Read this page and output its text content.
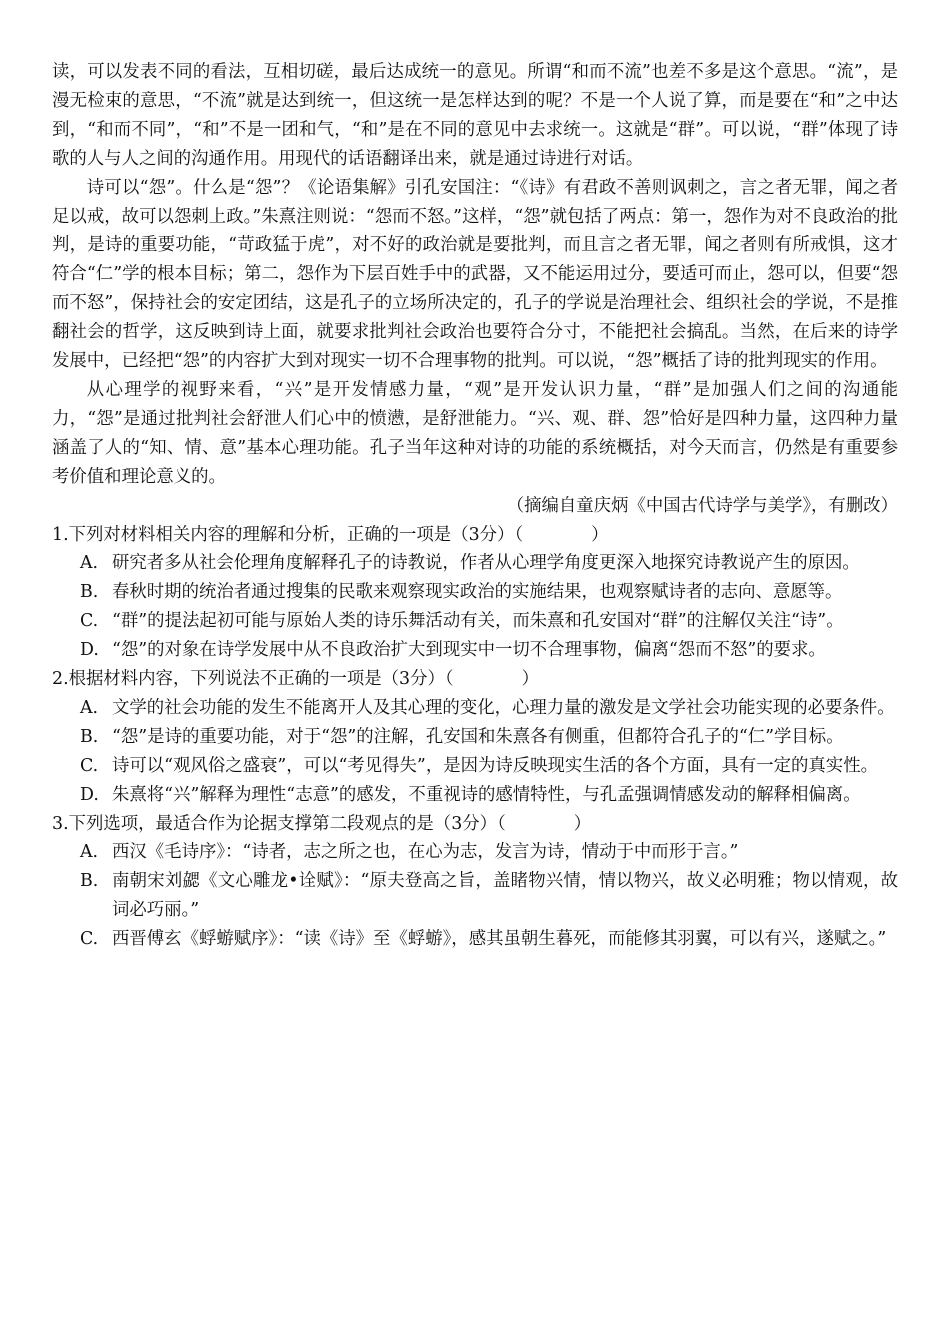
读，可以发表不同的看法，互相切磋，最后达成统一的意见。所谓“和而不流”也差不多是这个意思。“流”，是漫无检束的意思，“不流”就是达到统一，但这统一是怎样达到的呢？不是一个人说了算，而是要在“和”之中达到，“和而不同”，“和”不是一团和气，“和”是在不同的意见中去求统一。这就是“群”。可以说，“群”体现了诗歌的人与人之间的沟通作用。用现代的话语翻译出来，就是通过诗进行对话。

诗可以“怨”。什么是“怨”？《论语集解》引孔安国注：“《诗》有君政不善则讽刺之，言之者无罪，闻之者足以戒，故可以怨刺上政。”朱熹注则说：“怨而不怒。”这样，“怨”就包括了两点：第一，怨作为对不良政治的批判，是诗的重要功能，“苛政猛于虎”，对不好的政治就是要批判，而且言之者无罪，闻之者则有所戒惧，这才符合“仁”学的根本目标；第二，怨作为下层百姓手中的武器，又不能运用过分，要适可而止，怨可以，但要“怨而不怒”，保持社会的安定团结，这是孔子的立场所决定的，孔子的学说是治理社会、组织社会的学说，不是推翻社会的哲学，这反映到诗上面，就要求批判社会政治也要符合分寸，不能把社会搞乱。当然，在后来的诗学发展中，已经把“怨”的内容扩大到对现实一切不合理事物的批判。可以说，“怨”概括了诗的批判现实的作用。

从心理学的视野来看，“兴”是开发情感力量，“观”是开发认识力量，“群”是加强人们之间的沟通能力，“怨”是通过批判社会舒泄人们心中的愤懑，是舒泄能力。“兴、观、群、怨”恰好是四种力量，这四种力量涵盖了人的“知、情、意”基本心理功能。孔子当年这种对诗的功能的系统概括，对今天而言，仍然是有重要参考价值和理论意义的。

（摘编自童庆炳《中国古代诗学与美学》，有删改）

1. 下列对材料相关内容的理解和分析，正确的一项是（3分）（	）
A. 研究者多从社会伦理角度解释孔子的诗教说，作者从心理学角度更深入地探究诗教说产生的原因。
B. 春秋时期的统治者通过搜集的民歌来观察现实政治的实施结果，也观察赋诗者的志向、意愿等。
C. “群”的提法起初可能与原始人类的诗乐舞活动有关，而朱熹和孔安国对“群”的注解仅关注“诗”。
D. “怨”的对象在诗学发展中从不良政治扩大到现实中一切不合理事物，偏离“怨而不怒”的要求。
2. 根据材料内容，下列说法不正确的一项是（3分）（	）
A. 文学的社会功能的发生不能离开人及其心理的变化，心理力量的激发是文学社会功能实现的必要条件。
B. “怨”是诗的重要功能，对于“怨”的注解，孔安国和朱熹各有侧重，但都符合孔子的“仁”学目标。
C. 诗可以“观风俗之盛衰”，可以“考见得失”，是因为诗反映现实生活的各个方面，具有一定的真实性。
D. 朱熹将“兴”解释为理性“志意”的感发，不重视诗的感情特性，与孔孟强调情感发动的解释相偏离。
3. 下列选项，最适合作为论据支撑第二段观点的是（3分）（	）
A. 西汉《毛诗序》：“诗者，志之所之也，在心为志，发言为诗，情动于中而形于言。”
B. 南朝宋刘勰《文心雕龙•诠赋》：“原夫登高之旨，盖睹物兴情，情以物兴，故义必明雅；物以情观，故词必巧丽。”
C. 西晋傅玄《蜉蝣赋序》：“读《诗》至《蜉蝣》，感其虽朝生暮死，而能修其羽翼，可以有兴，遂赋之。”
